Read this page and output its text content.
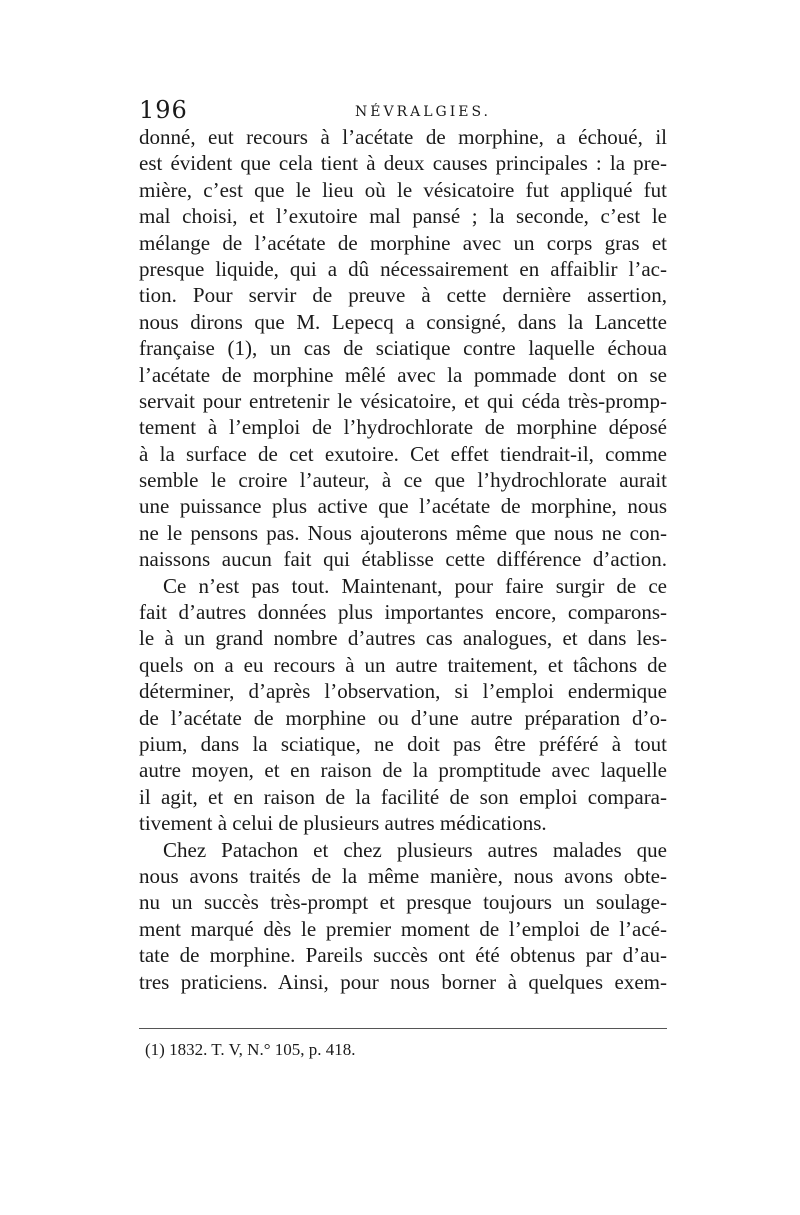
196	NÉVRALGIES.
donné, eut recours à l’acétate de morphine, a échoué, il
est évident que cela tient à deux causes principales : la pre-
mière, c’est que le lieu où le vésicatoire fut appliqué fut
mal choisi, et l’exutoire mal pansé ; la seconde, c’est le
mélange de l’acétate de morphine avec un corps gras et
presque liquide, qui a dû nécessairement en affaiblir l’ac-
tion. Pour servir de preuve à cette dernière assertion,
nous dirons que M. Lepecq a consigné, dans la Lancette
française (1), un cas de sciatique contre laquelle échoua
l’acétate de morphine mêlé avec la pommade dont on se
servait pour entretenir le vésicatoire, et qui céda très-promp-
tement à l’emploi de l’hydrochlorate de morphine déposé
à la surface de cet exutoire. Cet effet tiendrait-il, comme
semble le croire l’auteur, à ce que l’hydrochlorate aurait
une puissance plus active que l’acétate de morphine, nous
ne le pensons pas. Nous ajouterons même que nous ne con-
naissons aucun fait qui établisse cette différence d’action.
Ce n’est pas tout. Maintenant, pour faire surgir de ce
fait d’autres données plus importantes encore, comparons-
le à un grand nombre d’autres cas analogues, et dans les-
quels on a eu recours à un autre traitement, et tâchons de
déterminer, d’après l’observation, si l’emploi endermique
de l’acétate de morphine ou d’une autre préparation d’o-
pium, dans la sciatique, ne doit pas être préféré à tout
autre moyen, et en raison de la promptitude avec laquelle
il agit, et en raison de la facilité de son emploi compara-
tivement à celui de plusieurs autres médications.
Chez Patachon et chez plusieurs autres malades que
nous avons traités de la même manière, nous avons obte-
nu un succès très-prompt et presque toujours un soulage-
ment marqué dès le premier moment de l’emploi de l’acé-
tate de morphine. Pareils succès ont été obtenus par d’au-
tres praticiens. Ainsi, pour nous borner à quelques exem-
(1) 1832. T. V, N.° 105, p. 418.
